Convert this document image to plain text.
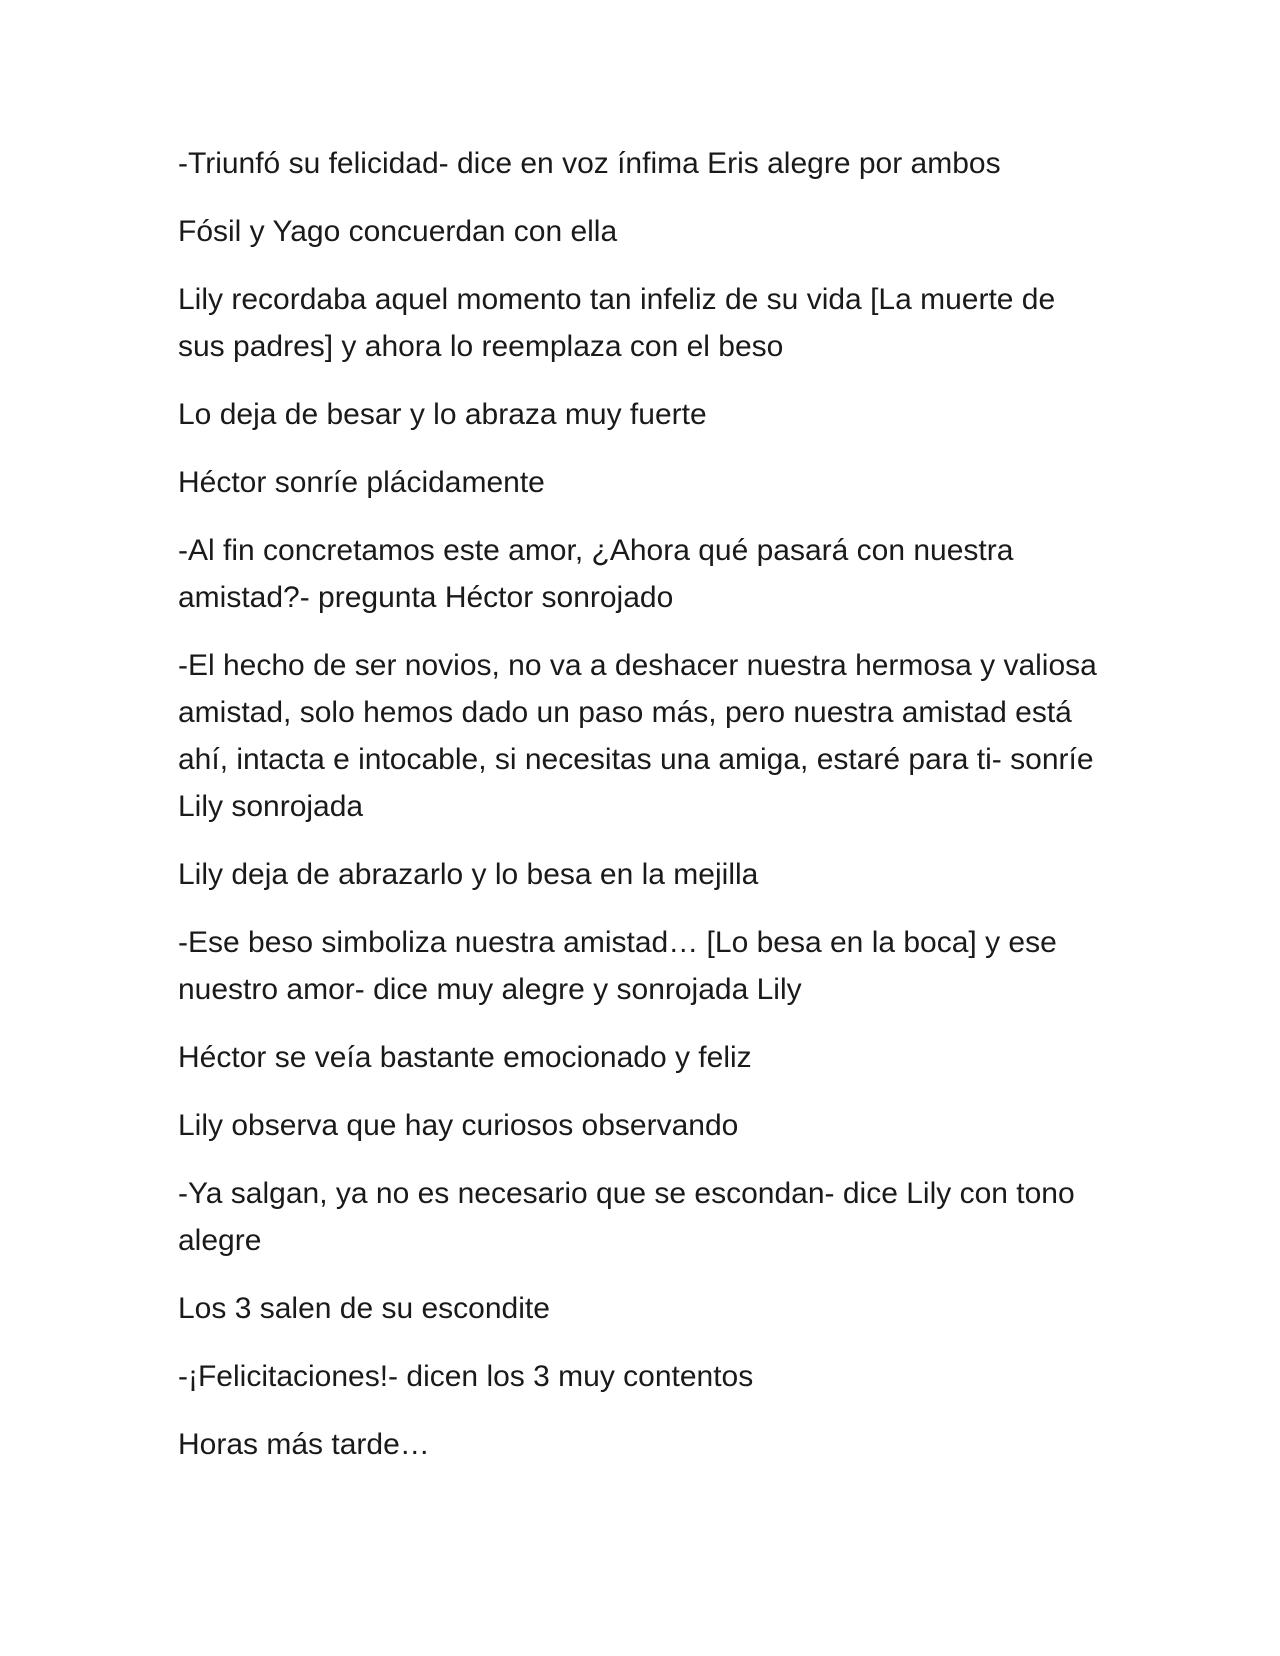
-Triunfó su felicidad- dice en voz ínfima Eris alegre por ambos

Fósil y Yago concuerdan con ella

Lily recordaba aquel momento tan infeliz de su vida [La muerte de sus padres] y ahora lo reemplaza con el beso

Lo deja de besar y lo abraza muy fuerte

Héctor sonríe plácidamente

-Al fin concretamos este amor, ¿Ahora qué pasará con nuestra amistad?- pregunta Héctor sonrojado

-El hecho de ser novios, no va a deshacer nuestra hermosa y valiosa amistad, solo hemos dado un paso más, pero nuestra amistad está ahí, intacta e intocable, si necesitas una amiga, estaré para ti- sonríe Lily sonrojada

Lily deja de abrazarlo y lo besa en la mejilla

-Ese beso simboliza nuestra amistad… [Lo besa en la boca] y ese nuestro amor- dice muy alegre y sonrojada Lily

Héctor se veía bastante emocionado y feliz

Lily observa que hay curiosos observando

-Ya salgan, ya no es necesario que se escondan- dice Lily con tono alegre

Los 3 salen de su escondite

-¡Felicitaciones!- dicen los 3 muy contentos

Horas más tarde…
